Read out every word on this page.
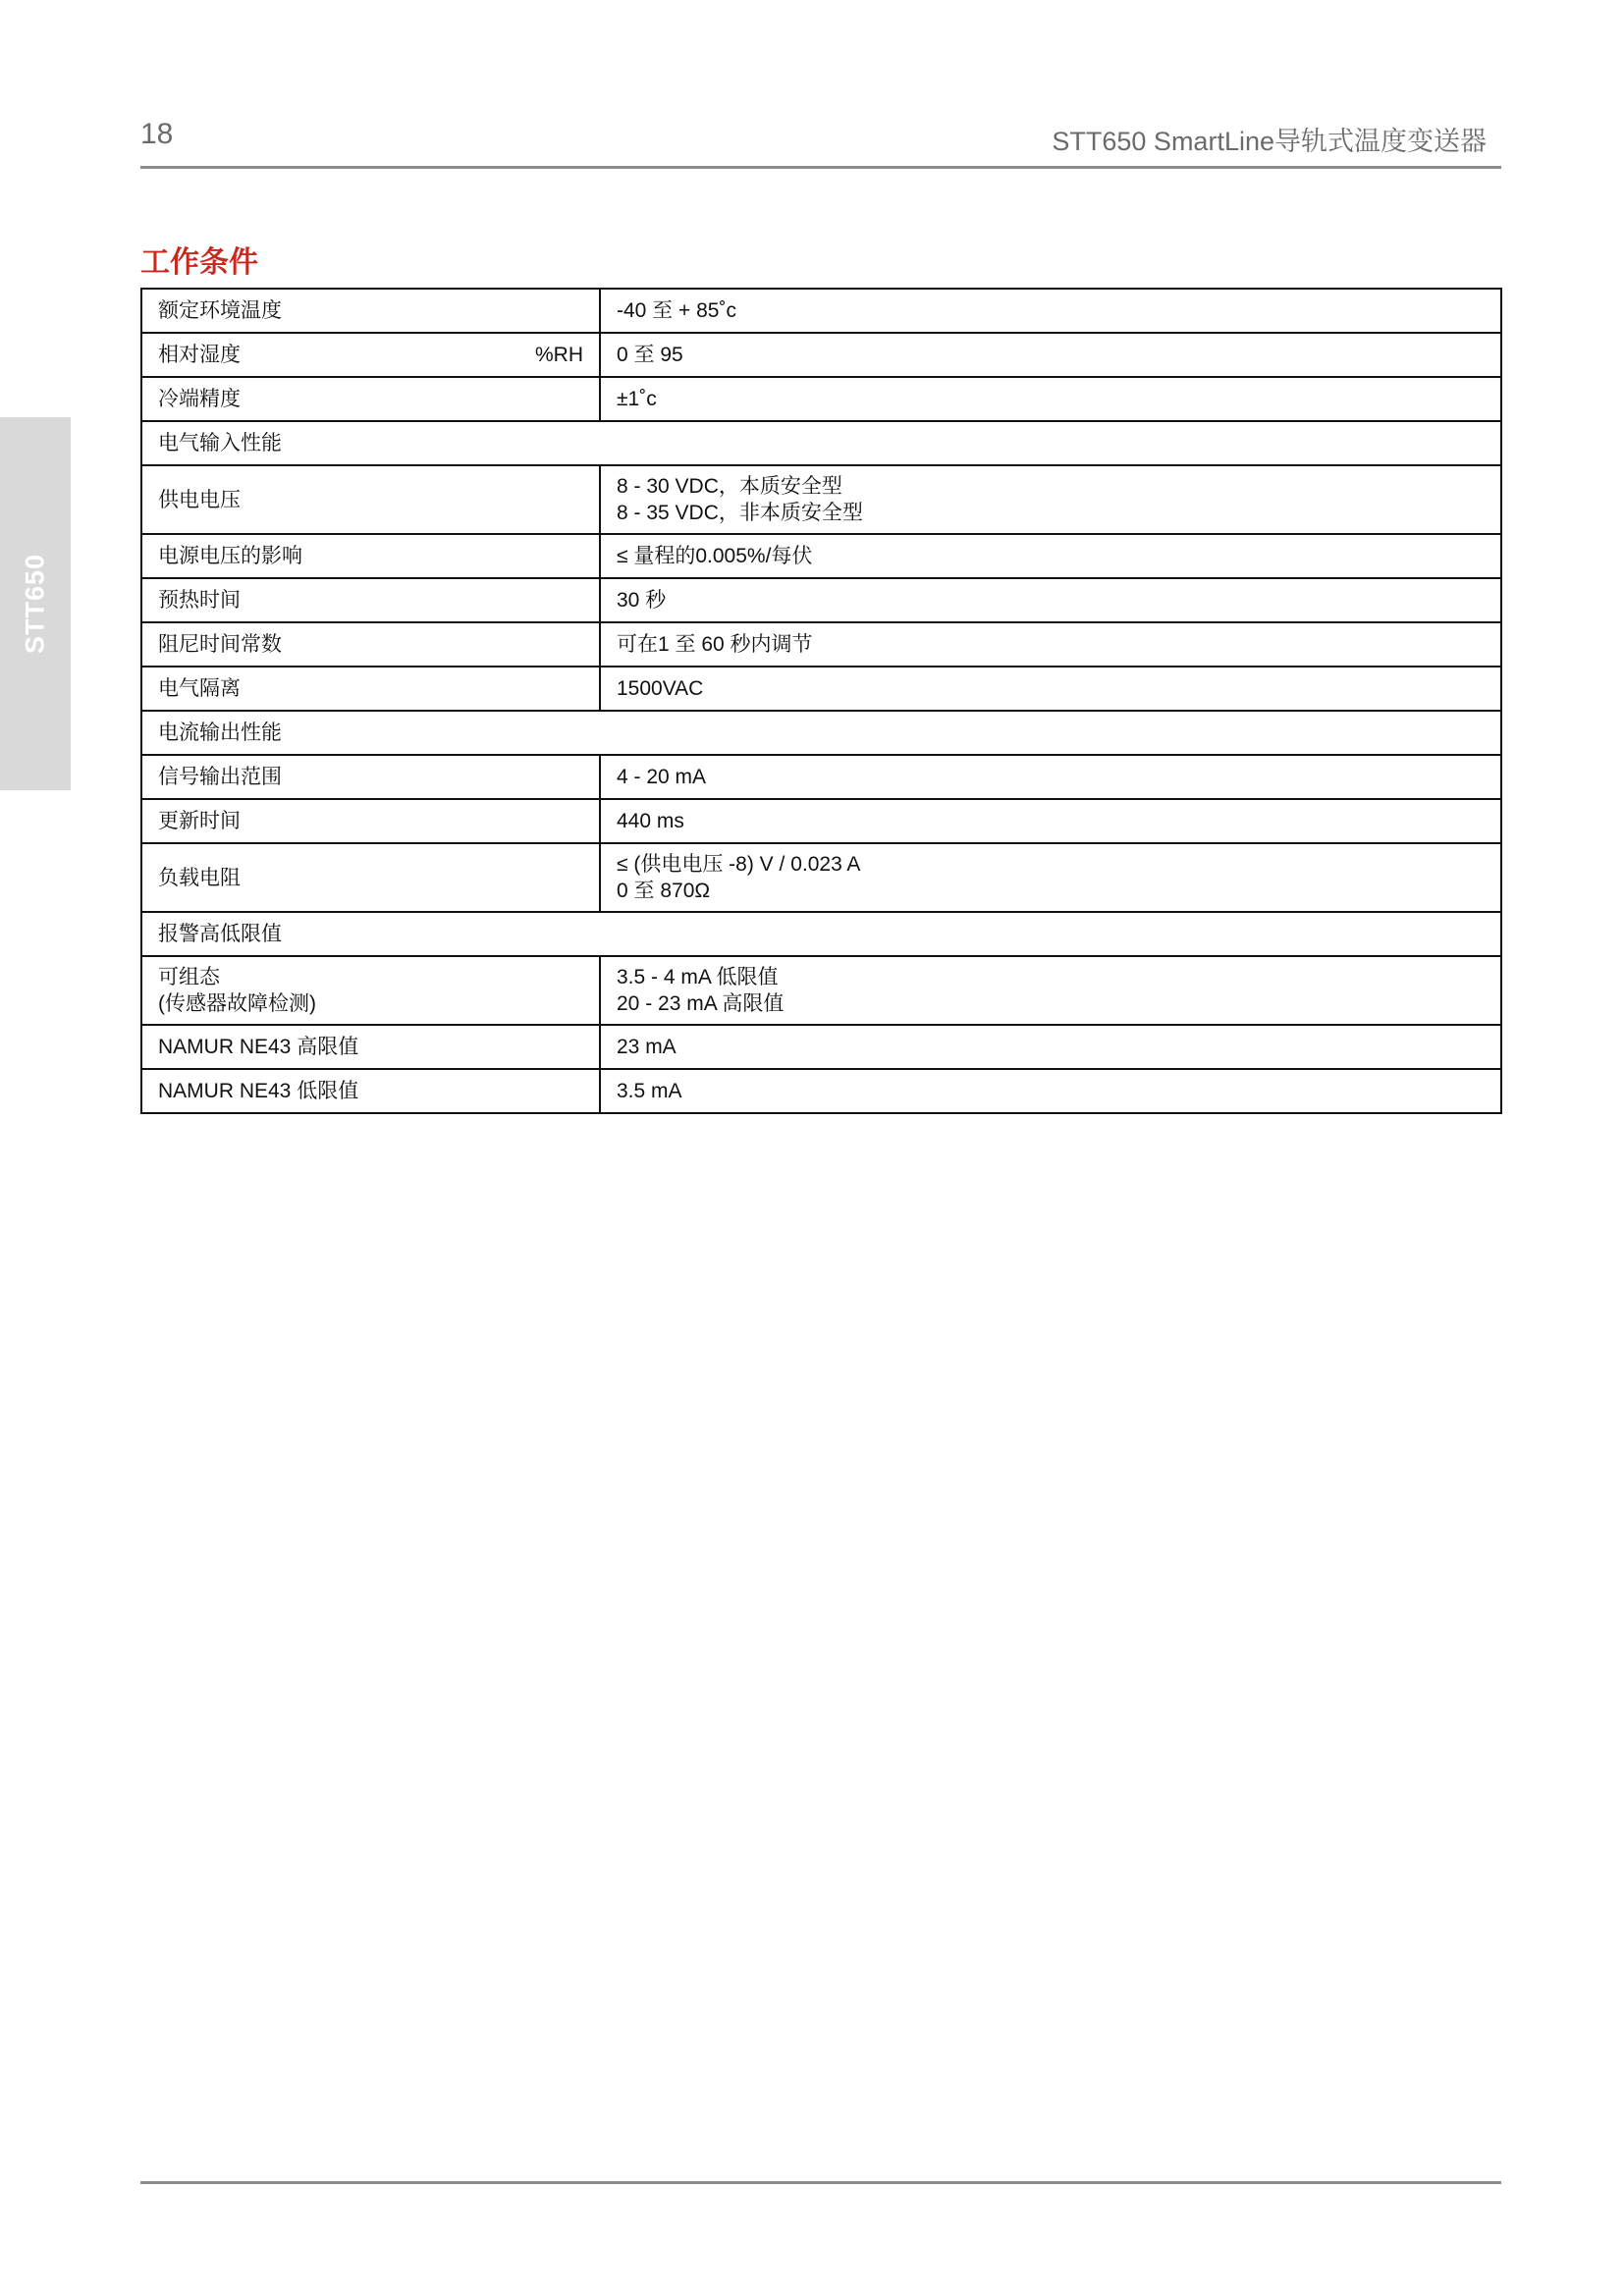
18	STT650 SmartLine导轨式温度变送器
STT650
工作条件
额定环境温度	-40 至 + 85˚c
相对湿度 %RH	0 至 95
冷端精度	±1˚c
电气输入性能	
供电电压	8 - 30 VDC，本质安全型
8 - 35 VDC，非本质安全型

电源电压的影响	≤ 量程的0.005%/每伏
预热时间	30 秒
阻尼时间常数	可在1 至 60 秒内调节
电气隔离	1500VAC
电流输出性能	
信号输出范围	4 - 20 mA
更新时间	440 ms
负载电阻	≤ (供电电压 -8) V / 0.023 A
0 至 870Ω

报警高低限值	

可组态
(传感器故障检测)	3.5 - 4 mA 低限值
20 - 23 mA 高限值

NAMUR NE43 高限值	23 mA
NAMUR NE43 低限值	3.5 mA
